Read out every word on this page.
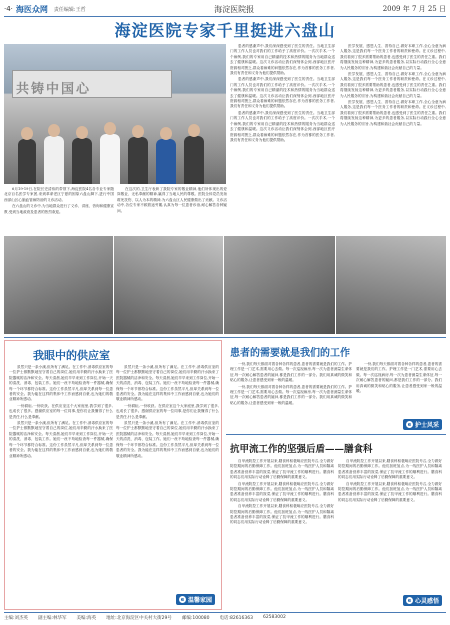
·4· 海医众网 责任编辑:王哲	海淀医院报	2009 年 7 月 25 日
海淀医院专家千里挺进六盘山
共铸中国心

6月19-19日,在院长史清伟的带领下,海淀医院4名各专业专家随北京百名医学专家团,来到革命老区宁夏的固原六盘山脚下,进行中国西部山区心脑血管病防治的义诊活动。

在六盘山的义诊中,为当地群众进行了义诊、讲座、咨询和健康宣教,受到当地政府及患者的热烈欢迎。

在这次的,卫生厅表彰了我院专家的敬业精神,他们所体现出的爱岗敬业、无私奉献的精神,赢得了当地人民的尊敬。医院全体党员发扬救死扶伤、以人为本的精神,为六盘山区人民健康做出了贡献。义诊活动中,各位专家不顾旅途劳累,认真为每一位患者诊治,耐心解答各种疑问。

患者的感谢声中,我们深深感受到了医生的责任。当地卫生部门的工作人员也对我们的工作给予了高度评价。一次次手术,一个个病例,我们的专家用自己精湛的技术和热情的服务为当地群众送去了健康和温暖。这次义诊活动让我们深刻体会到,西部地区医疗资源相对匮乏,群众看病难的问题依然存在,作为首都的医务工作者,我们有责任和义务为他们提供帮助。

患者的感谢声中,我们深深感受到了医生的责任。当地卫生部门的工作人员也对我们的工作给予了高度评价。一次次手术,一个个病例,我们的专家用自己精湛的技术和热情的服务为当地群众送去了健康和温暖。这次义诊活动让我们深刻体会到,西部地区医疗资源相对匮乏,群众看病难的问题依然存在,作为首都的医务工作者,我们有责任和义务为他们提供帮助。

患者的感谢声中,我们深深感受到了医生的责任。当地卫生部门的工作人员也对我们的工作给予了高度评价。一次次手术,一个个病例,我们的专家用自己精湛的技术和热情的服务为当地群众送去了健康和温暖。这次义诊活动让我们深刻体会到,西部地区医疗资源相对匮乏,群众看病难的问题依然存在,作为首都的医务工作者,我们有责任和义务为他们提供帮助。

医学发展、感恩人生、善待自己,做好本职工作,全心全意为病人服务,这是我们每一个医务工作者的职责和使命。在义诊过程中,我们看到了很多需要帮助的患者,也感受到了医生的责任之重。我们将继续发扬这种精神,为更多的患者服务,以实际行动践行全心全意为人民服务的宗旨,为构建和谐社会贡献自己的力量。

医学发展、感恩人生、善待自己,做好本职工作,全心全意为病人服务,这是我们每一个医务工作者的职责和使命。在义诊过程中,我们看到了很多需要帮助的患者,也感受到了医生的责任之重。我们将继续发扬这种精神,为更多的患者服务,以实际行动践行全心全意为人民服务的宗旨,为构建和谐社会贡献自己的力量。

医学发展、感恩人生、善待自己,做好本职工作,全心全意为病人服务,这是我们每一个医务工作者的职责和使命。在义诊过程中,我们看到了很多需要帮助的患者,也感受到了医生的责任之重。我们将继续发扬这种精神,为更多的患者服务,以实际行动践行全心全意为人民服务的宗旨,为构建和谐社会贡献自己的力量。

我眼中的供应室

虽然只是一条小溪,但所有了满足。在工作中,消毒供应室的每一位护士都默默地坚守着自己的岗位,她们用辛勤的汗水换来了医院器械的洁净和安全。每天清晨,她们早早来到工作岗位,开始一天的清洗、消毒、包装工作。她们一丝不苟地检查每一件器械,确保每一个环节都符合标准。这份工作虽然平凡,但却关系到每一位患者的安全。我为能在这样的集体中工作而感到自豪,也为她们的敬业精神所感动。

一份耕耘,一份收获。在供应室这个大家庭里,我学到了很多,也成长了很多。感谢供应室的每一位同事,是你们让我懂得了什么是责任,什么是奉献。

虽然只是一条小溪,但所有了满足。在工作中,消毒供应室的每一位护士都默默地坚守着自己的岗位,她们用辛勤的汗水换来了医院器械的洁净和安全。每天清晨,她们早早来到工作岗位,开始一天的清洗、消毒、包装工作。她们一丝不苟地检查每一件器械,确保每一个环节都符合标准。这份工作虽然平凡,但却关系到每一位患者的安全。我为能在这样的集体中工作而感到自豪,也为她们的敬业精神所感动。

虽然只是一条小溪,但所有了满足。在工作中,消毒供应室的每一位护士都默默地坚守着自己的岗位,她们用辛勤的汗水换来了医院器械的洁净和安全。每天清晨,她们早早来到工作岗位,开始一天的清洗、消毒、包装工作。她们一丝不苟地检查每一件器械,确保每一个环节都符合标准。这份工作虽然平凡,但却关系到每一位患者的安全。我为能在这样的集体中工作而感到自豪,也为她们的敬业精神所感动。

一份耕耘,一份收获。在供应室这个大家庭里,我学到了很多,也成长了很多。感谢供应室的每一位同事,是你们让我懂得了什么是责任,什么是奉献。

虽然只是一条小溪,但所有了满足。在工作中,消毒供应室的每一位护士都默默地坚守着自己的岗位,她们用辛勤的汗水换来了医院器械的洁净和安全。每天清晨,她们早早来到工作岗位,开始一天的清洗、消毒、包装工作。她们一丝不苟地检查每一件器械,确保每一个环节都符合标准。这份工作虽然平凡,但却关系到每一位患者的安全。我为能在这样的集体中工作而感到自豪,也为她们的敬业精神所感动。

e 温馨家园
患者的需要就是我们的工作

一份,我们每天都面对着各种各样的患者,患者的需要就是我们的工作。护理工作是一门艺术,需要用心去做。每一次巡视病房,每一次为患者测量生命体征,每一次耐心解答患者的疑问,都是我们工作的一部分。我们用真诚的微笑和贴心的服务,让患者感受到家一般的温暖。

一份,我们每天都面对着各种各样的患者,患者的需要就是我们的工作。护理工作是一门艺术,需要用心去做。每一次巡视病房,每一次为患者测量生命体征,每一次耐心解答患者的疑问,都是我们工作的一部分。我们用真诚的微笑和贴心的服务,让患者感受到家一般的温暖。

一份,我们每天都面对着各种各样的患者,患者的需要就是我们的工作。护理工作是一门艺术,需要用心去做。每一次巡视病房,每一次为患者测量生命体征,每一次耐心解答患者的疑问,都是我们工作的一部分。我们用真诚的微笑和贴心的服务,让患者感受到家一般的温暖。

e 护士风采
抗甲流工作的坚强后盾——膳食科

自甲流防控工作开展以来,膳食科积极响应医院号召,全力做好防控期间的后勤保障工作。他们加班加点,为一线医护人员和隔离患者准备营养丰富的饭菜,保证了抗甲流工作的顺利进行。膳食科的同志们用实际行动诠释了后勤保障的重要意义。

自甲流防控工作开展以来,膳食科积极响应医院号召,全力做好防控期间的后勤保障工作。他们加班加点,为一线医护人员和隔离患者准备营养丰富的饭菜,保证了抗甲流工作的顺利进行。膳食科的同志们用实际行动诠释了后勤保障的重要意义。

自甲流防控工作开展以来,膳食科积极响应医院号召,全力做好防控期间的后勤保障工作。他们加班加点,为一线医护人员和隔离患者准备营养丰富的饭菜,保证了抗甲流工作的顺利进行。膳食科的同志们用实际行动诠释了后勤保障的重要意义。

自甲流防控工作开展以来,膳食科积极响应医院号召,全力做好防控期间的后勤保障工作。他们加班加点,为一线医护人员和隔离患者准备营养丰富的饭菜,保证了抗甲流工作的顺利进行。膳食科的同志们用实际行动诠释了后勤保障的重要意义。

自甲流防控工作开展以来,膳食科积极响应医院号召,全力做好防控期间的后勤保障工作。他们加班加点,为一线医护人员和隔离患者准备营养丰富的饭菜,保证了抗甲流工作的顺利进行。膳食科的同志们用实际行动诠释了后勤保障的重要意义。

e 心灵感悟
主编:刘杰英 副主编:林华军 美编:海英 地址:北京海淀区中关村大街29号 邮编:100080 电话:82616363 62583002
